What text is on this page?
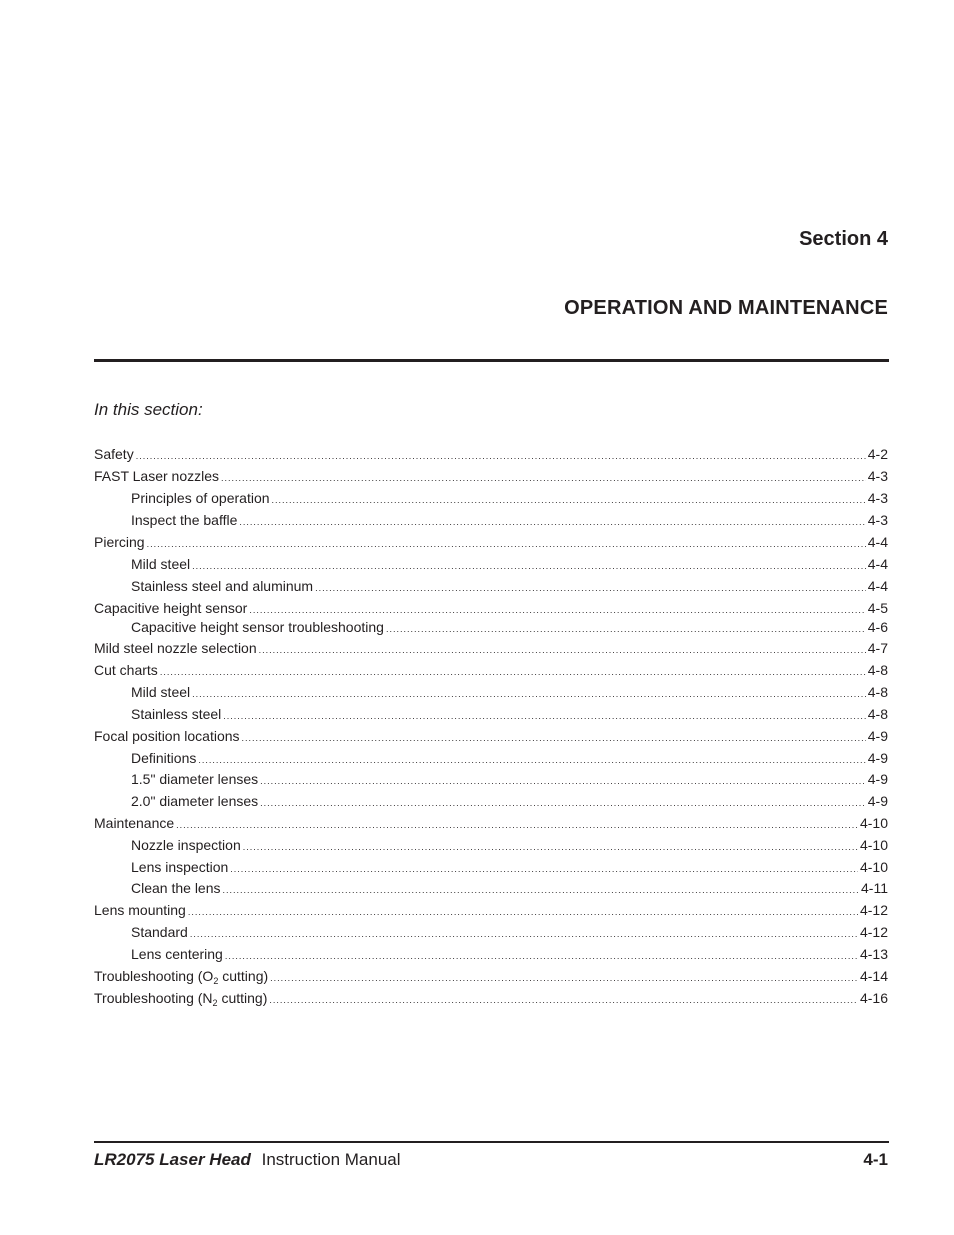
Section 4
OPERATION AND MAINTENANCE
In this section:
Safety .....	4-2
FAST Laser nozzles .....	4-3
Principles of operation .....	4-3
Inspect the baffle .....	4-3
Piercing .....	4-4
Mild steel .....	4-4
Stainless steel and aluminum .....	4-4
Capacitive height sensor .....	4-5
Capacitive height sensor troubleshooting .....	4-6
Mild steel nozzle selection .....	4-7
Cut charts .....	4-8
Mild steel .....	4-8
Stainless steel .....	4-8
Focal position locations .....	4-9
Definitions .....	4-9
1.5" diameter lenses .....	4-9
2.0" diameter lenses .....	4-9
Maintenance .....	4-10
Nozzle inspection .....	4-10
Lens inspection .....	4-10
Clean the lens .....	4-11
Lens mounting .....	4-12
Standard .....	4-12
Lens centering .....	4-13
Troubleshooting ($O_2$ cutting) .....	4-14
Troubleshooting ($N_2$ cutting) .....	4-16
LR2075 Laser Head Instruction Manual	4-1
